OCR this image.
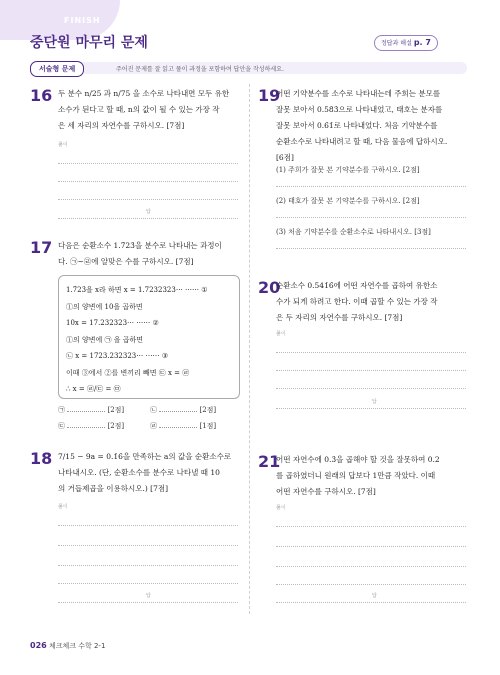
FINISH
중단원 마무리 문제	정답과 해설 p. 7
서술형 문제	주어진 문제를 잘 읽고 풀이 과정을 포함하여 답안을 작성하세요.
16 두 분수 n/25 과 n/75 을 소수로 나타내면 모두 유한
소수가 된다고 할 때, n의 값이 될 수 있는 가장 작
은 세 자리의 자연수를 구하시오. [7점]
풀이
답
17 다음은 순환소수 1.7̇23̇을 분수로 나타내는 과정이
다. ㉠~㉣에 알맞은 수를 구하시오. [7점]
1.7̇23̇을 x라 하면 x = 1.7232323⋯ ⋯⋯ ①
①의 양변에 10을 곱하면
10x = 17.232323⋯ ⋯⋯ ②
①의 양변에 ㉠ 을 곱하면
㉡ x = 1723.232323⋯ ⋯⋯ ③
이때 ③에서 ②를 변끼리 빼면 ㉢ x = ㉣
∴ x = ㉣/㉢ = ㉤
㉠	[2점]	㉡	[2점]
㉢	[2점]	㉣	[1점]
18 7/15 − 9a = 0.1̇6̇을 만족하는 a의 값을 순환소수로
나타내시오. (단, 순환소수를 분수로 나타낼 때 10
의 거듭제곱을 이용하시오.) [7점]
풀이
답
19
어떤 기약분수를 소수로 나타내는데 주희는 분모를
잘못 보아서 0.58̇3̇으로 나타내었고, 태호는 분자를
잘못 보아서 0.6̇1̇로 나타내었다. 처음 기약분수를
순환소수로 나타내려고 할 때, 다음 물음에 답하시오.
[6점]
(1) 주희가 잘못 본 기약분수를 구하시오. [2점]
(2) 태호가 잘못 본 기약분수를 구하시오. [2점]
(3) 처음 기약분수를 순환소수로 나타내시오. [3점]
20
순환소수 0.541̇6̇에 어떤 자연수를 곱하여 유한소
수가 되게 하려고 한다. 이때 곱할 수 있는 가장 작
은 두 자리의 자연수를 구하시오. [7점]
풀이
답
21
어떤 자연수에 0.3̇을 곱해야 할 것을 잘못하여 0.2
를 곱하였더니 원래의 답보다 1만큼 작았다. 이때
어떤 자연수를 구하시오. [7점]
풀이
답
026 체크체크 수학 2-1
